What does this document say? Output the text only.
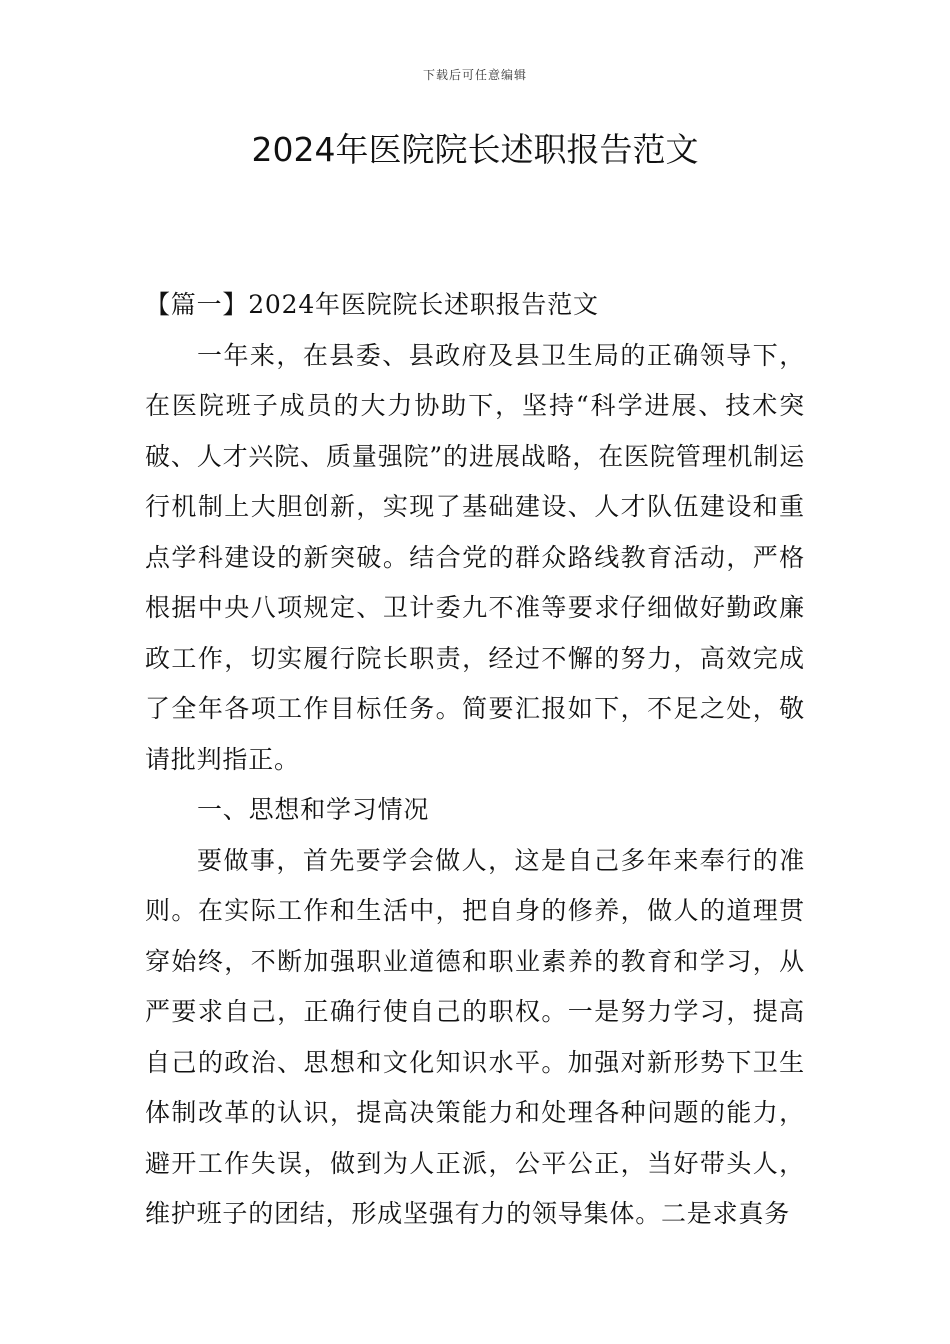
下载后可任意编辑
2024年医院院长述职报告范文

【篇一】2024年医院院长述职报告范文

一年来，在县委、县政府及县卫生局的正确领导下，在医院班子成员的大力协助下，坚持“科学进展、技术突破、人才兴院、质量强院”的进展战略，在医院管理机制运行机制上大胆创新，实现了基础建设、人才队伍建设和重点学科建设的新突破。结合党的群众路线教育活动，严格根据中央八项规定、卫计委九不准等要求仔细做好勤政廉政工作，切实履行院长职责，经过不懈的努力，高效完成了全年各项工作目标任务。简要汇报如下，不足之处，敬请批判指正。

一、思想和学习情况

要做事，首先要学会做人，这是自己多年来奉行的准则。在实际工作和生活中，把自身的修养，做人的道理贯穿始终，不断加强职业道德和职业素养的教育和学习，从严要求自己，正确行使自己的职权。一是努力学习，提高自己的政治、思想和文化知识水平。加强对新形势下卫生体制改革的认识，提高决策能力和处理各种问题的能力，避开工作失误，做到为人正派，公平公正，当好带头人，维护班子的团结，形成坚强有力的领导集体。二是求真务
